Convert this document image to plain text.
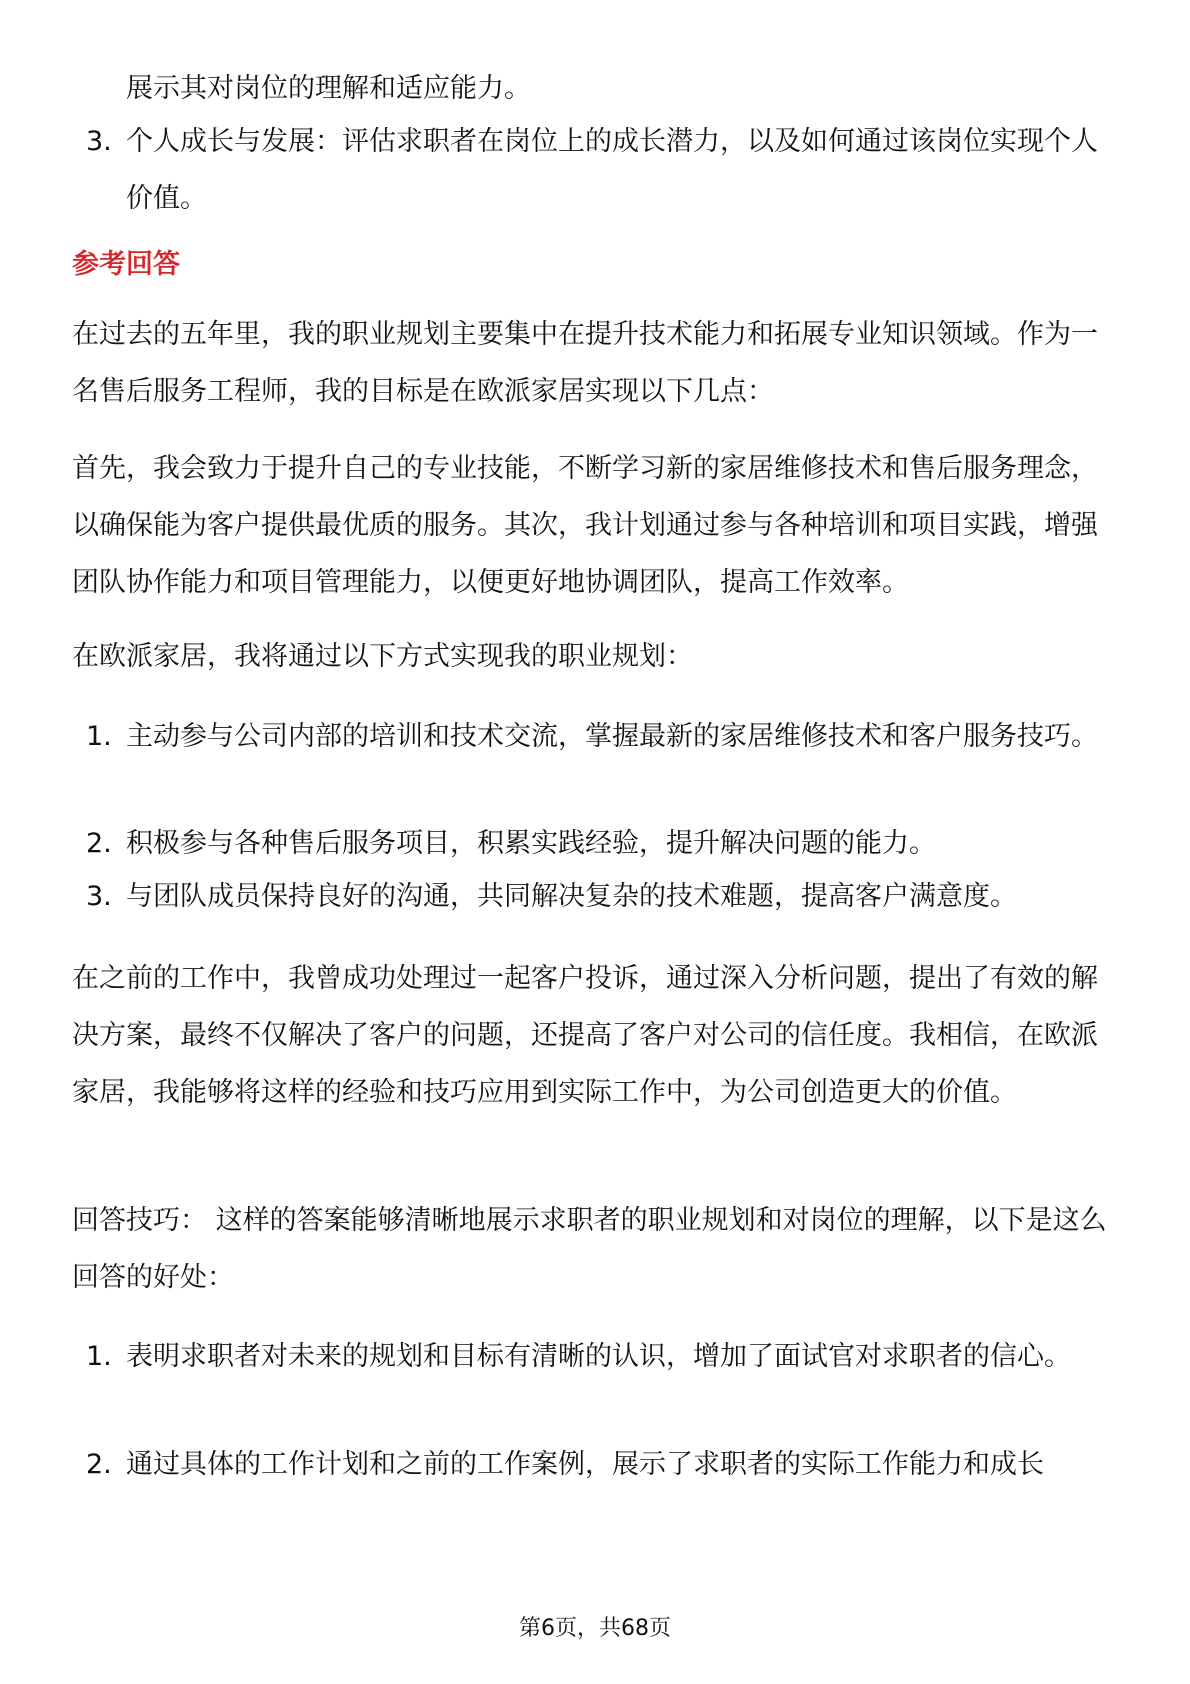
展示其对岗位的理解和适应能力。
3. 个人成长与发展：评估求职者在岗位上的成长潜力，以及如何通过该岗位实现个人价值。
参考回答
在过去的五年里，我的职业规划主要集中在提升技术能力和拓展专业知识领域。作为一名售后服务工程师，我的目标是在欧派家居实现以下几点：
首先，我会致力于提升自己的专业技能，不断学习新的家居维修技术和售后服务理念，以确保能为客户提供最优质的服务。其次，我计划通过参与各种培训和项目实践，增强团队协作能力和项目管理能力，以便更好地协调团队，提高工作效率。
在欧派家居，我将通过以下方式实现我的职业规划：
1. 主动参与公司内部的培训和技术交流，掌握最新的家居维修技术和客户服务技巧。
2. 积极参与各种售后服务项目，积累实践经验，提升解决问题的能力。
3. 与团队成员保持良好的沟通，共同解决复杂的技术难题，提高客户满意度。
在之前的工作中，我曾成功处理过一起客户投诉，通过深入分析问题，提出了有效的解决方案，最终不仅解决了客户的问题，还提高了客户对公司的信任度。我相信，在欧派家居，我能够将这样的经验和技巧应用到实际工作中，为公司创造更大的价值。
回答技巧： 这样的答案能够清晰地展示求职者的职业规划和对岗位的理解，以下是这么回答的好处：
1. 表明求职者对未来的规划和目标有清晰的认识，增加了面试官对求职者的信心。
2. 通过具体的工作计划和之前的工作案例，展示了求职者的实际工作能力和成长
第6页，共68页
